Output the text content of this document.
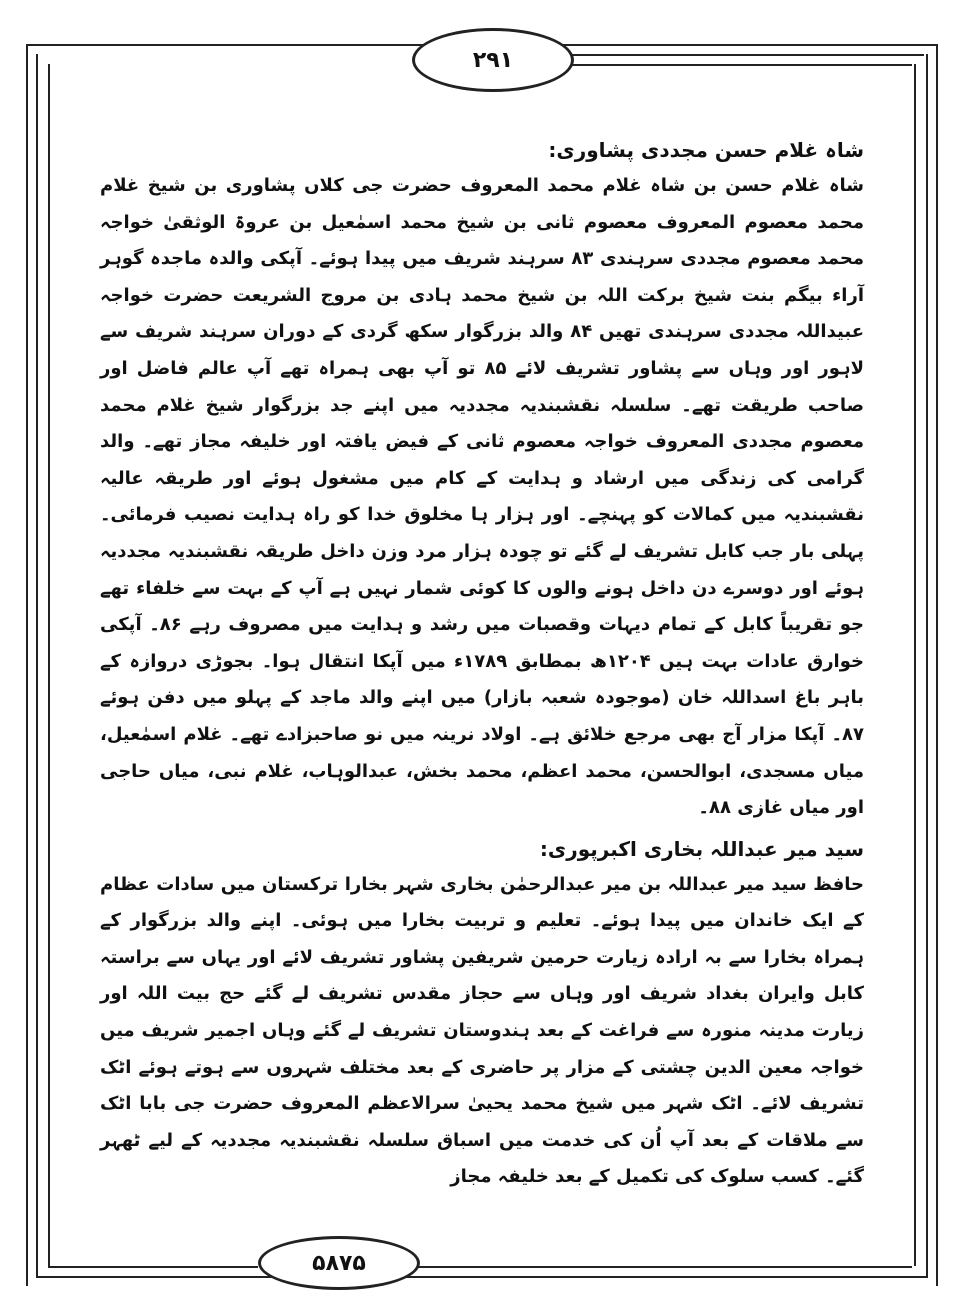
۲۹۱
۵۸۷۵

شاہ غلام حسن مجددی پشاوری:

شاہ غلام حسن بن شاہ غلام محمد المعروف حضرت جی کلاں پشاوری بن شیخ غلام محمد معصوم المعروف معصوم ثانی بن شیخ محمد اسمٰعیل بن عروۃ الوثقیٰ خواجہ محمد معصوم مجددی سرہندی ۸۳ سرہند شریف میں پیدا ہوئے۔ آپکی والدہ ماجدہ گوہر آراء بیگم بنت شیخ برکت اللہ بن شیخ محمد ہادی بن مروج الشریعت حضرت خواجہ عبیداللہ مجددی سرہندی تھیں ۸۴ والد بزرگوار سکھ گردی کے دوران سرہند شریف سے لاہور اور وہاں سے پشاور تشریف لائے ۸۵ تو آپ بھی ہمراہ تھے آپ عالم فاضل اور صاحب طریقت تھے۔ سلسلہ نقشبندیہ مجددیہ میں اپنے جد بزرگوار شیخ غلام محمد معصوم مجددی المعروف خواجہ معصوم ثانی کے فیض یافتہ اور خلیفہ مجاز تھے۔ والد گرامی کی زندگی میں ارشاد و ہدایت کے کام میں مشغول ہوئے اور طریقہ عالیہ نقشبندیہ میں کمالات کو پہنچے۔ اور ہزار ہا مخلوق خدا کو راہ ہدایت نصیب فرمائی۔ پہلی بار جب کابل تشریف لے گئے تو چودہ ہزار مرد وزن داخل طریقہ نقشبندیہ مجددیہ ہوئے اور دوسرے دن داخل ہونے والوں کا کوئی شمار نہیں ہے آپ کے بہت سے خلفاء تھے جو تقریباً کابل کے تمام دیہات وقصبات میں رشد و ہدایت میں مصروف رہے ۸۶۔ آپکی خوارق عادات بہت ہیں ۱۲۰۴ھ بمطابق ۱۷۸۹ء میں آپکا انتقال ہوا۔ بجوڑی دروازہ کے باہر باغ اسداللہ خان (موجودہ شعبہ بازار) میں اپنے والد ماجد کے پہلو میں دفن ہوئے ۸۷۔ آپکا مزار آج بھی مرجع خلائق ہے۔ اولاد نرینہ میں نو صاحبزادے تھے۔ غلام اسمٰعیل، میاں مسجدی، ابوالحسن، محمد اعظم، محمد بخش، عبدالوہاب، غلام نبی، میاں حاجی اور میاں غازی ۸۸۔

سید میر عبداللہ بخاری اکبرپوری:

حافظ سید میر عبداللہ بن میر عبدالرحمٰن بخاری شہر بخارا ترکستان میں سادات عظام کے ایک خاندان میں پیدا ہوئے۔ تعلیم و تربیت بخارا میں ہوئی۔ اپنے والد بزرگوار کے ہمراہ بخارا سے بہ ارادہ زیارت حرمین شریفین پشاور تشریف لائے اور یہاں سے براستہ کابل وایران بغداد شریف اور وہاں سے حجاز مقدس تشریف لے گئے حج بیت اللہ اور زیارت مدینہ منورہ سے فراغت کے بعد ہندوستان تشریف لے گئے وہاں اجمیر شریف میں خواجہ معین الدین چشتی کے مزار پر حاضری کے بعد مختلف شہروں سے ہوتے ہوئے اٹک تشریف لائے۔ اٹک شہر میں شیخ محمد یحییٰ سرالاعظم المعروف حضرت جی بابا اٹک سے ملاقات کے بعد آپ اُن کی خدمت میں اسباق سلسلہ نقشبندیہ مجددیہ کے لیے ٹھہر گئے۔ کسب سلوک کی تکمیل کے بعد خلیفہ مجاز
